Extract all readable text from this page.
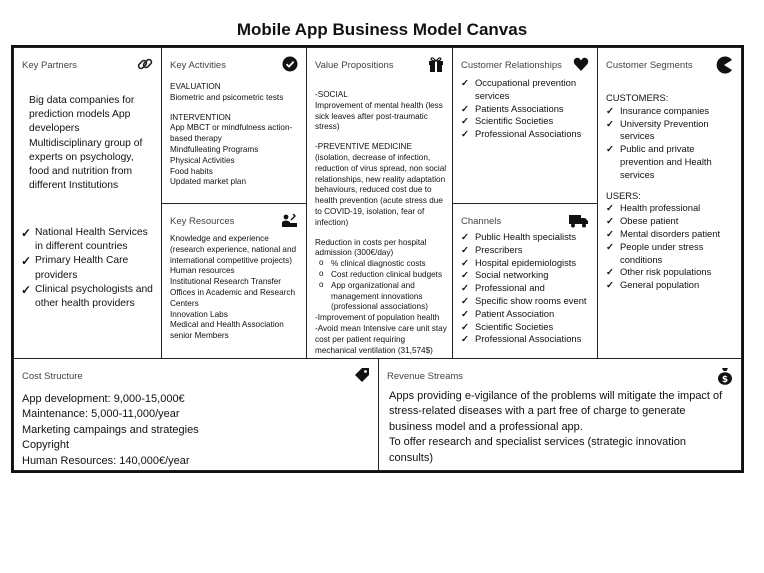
Mobile App Business Model Canvas
Key Partners
Big data companies for prediction models App developers Multidisciplinary group of experts on psychology, food and nutrition from different Institutions
✓ National Health Services in different countries
✓ Primary Health Care providers
✓ Clinical psychologists and other health providers
Key Activities
EVALUATION
Biometric and psicometric tests
INTERVENTION
App MBCT or mindfulness action-based therapy
Mindfulleating Programs
Physical Activities
Food habits
Updated market plan
Key Resources
Knowledge and experience (research experience, national and international competitive projects)
Human resources
Institutional Research Transfer Offices in Academic and Research Centers
Innovation Labs
Medical and Health Association senior Members
Value Propositions
-SOCIAL
Improvement of mental health (less sick leaves after post-traumatic stress)
-PREVENTIVE MEDICINE
(isolation, decrease of infection, reduction of virus spread, non social relationships, new reality adaptation behaviours, reduced cost due to health prevention (acute stress due to COVID-19, isolation, fear of infection)
Reduction in costs per hospital admission (300€/day)
o % clinical diagnostic costs
o Cost reduction clinical budgets
o App organizational and management innovations (professional associations)
-Improvement of population health
-Avoid mean Intensive care unit stay cost per patient requiring mechanical ventilation (31,574$)
Customer Relationships
✓ Occupational prevention services
✓ Patients Associations
✓ Scientific Societies
✓ Professional Associations
Channels
✓ Public Health specialists
✓ Prescribers
✓ Hospital epidemiologists
✓ Social networking
✓ Professional and
✓ Specific show rooms event
✓ Patient Association
✓ Scientific Societies
✓ Professional Associations
Customer Segments
CUSTOMERS:
✓ Insurance companies
✓ University Prevention services
✓ Public and private prevention and Health services
USERS:
✓ Health professional
✓ Obese patient
✓ Mental disorders patient
✓ People under stress conditions
✓ Other risk populations
✓ General population
Cost Structure
App development: 9,000-15,000€
Maintenance: 5,000-11,000/year
Marketing campaings and strategies
Copyright
Human Resources: 140,000€/year
Revenue Streams	$
Apps providing e-vigilance of the problems will mitigate the impact of stress-related diseases with a part free of charge to generate business model and a professional app.
To offer research and specialist services (strategic innovation consults)
